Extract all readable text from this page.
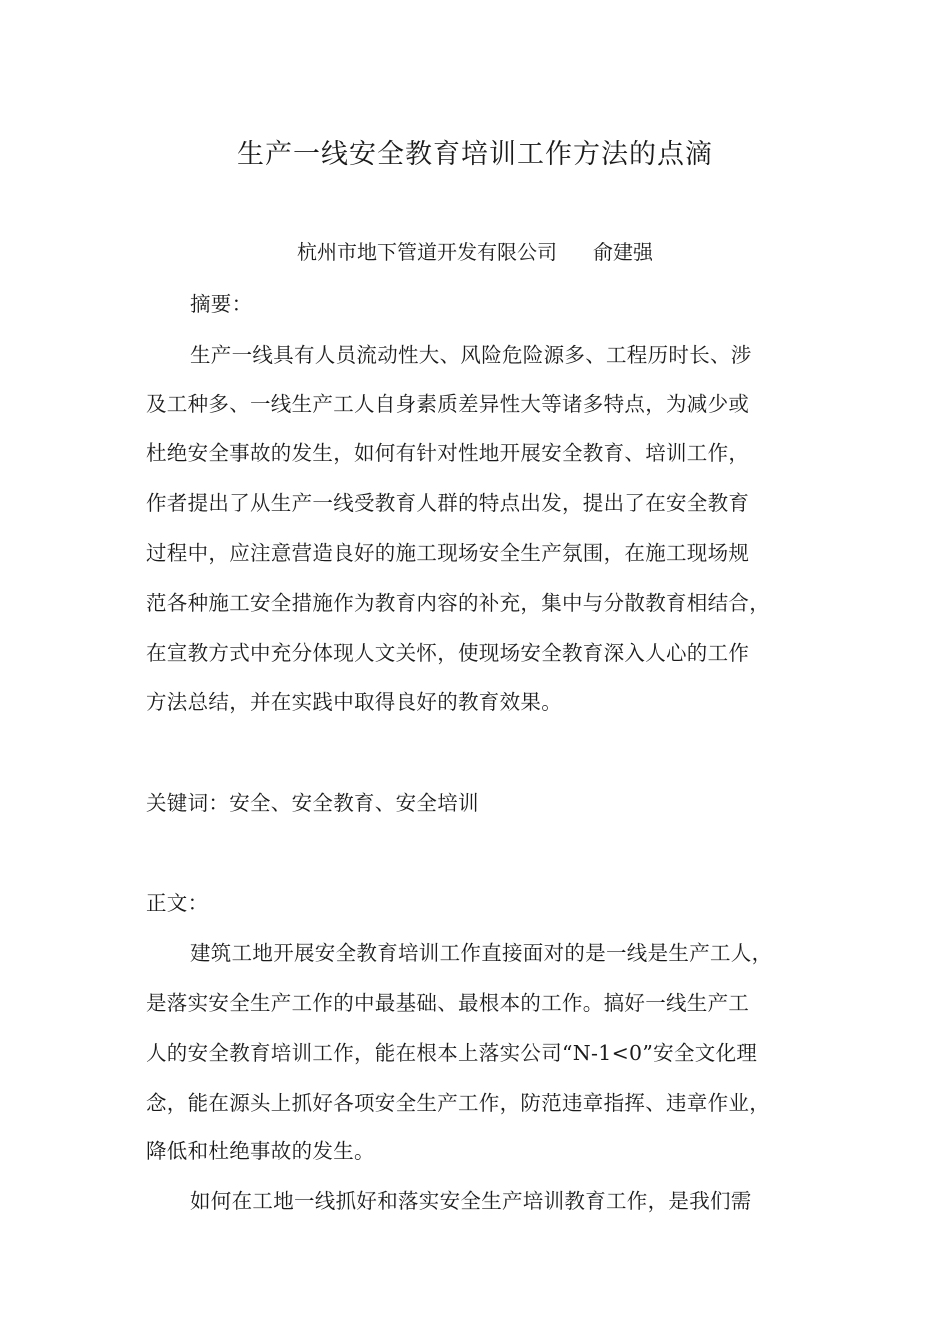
生产一线安全教育培训工作方法的点滴
杭州市地下管道开发有限公司 俞建强
摘要：
生产一线具有人员流动性大、风险危险源多、工程历时长、涉
及工种多、一线生产工人自身素质差异性大等诸多特点，为减少或
杜绝安全事故的发生，如何有针对性地开展安全教育、培训工作，
作者提出了从生产一线受教育人群的特点出发，提出了在安全教育
过程中，应注意营造良好的施工现场安全生产氛围，在施工现场规
范各种施工安全措施作为教育内容的补充，集中与分散教育相结合，
在宣教方式中充分体现人文关怀，使现场安全教育深入人心的工作
方法总结，并在实践中取得良好的教育效果。
关键词：安全、安全教育、安全培训
正文：
建筑工地开展安全教育培训工作直接面对的是一线是生产工人，
是落实安全生产工作的中最基础、最根本的工作。搞好一线生产工
人的安全教育培训工作，能在根本上落实公司“N-1<0”安全文化理
念，能在源头上抓好各项安全生产工作，防范违章指挥、违章作业，
降低和杜绝事故的发生。
如何在工地一线抓好和落实安全生产培训教育工作，是我们需
